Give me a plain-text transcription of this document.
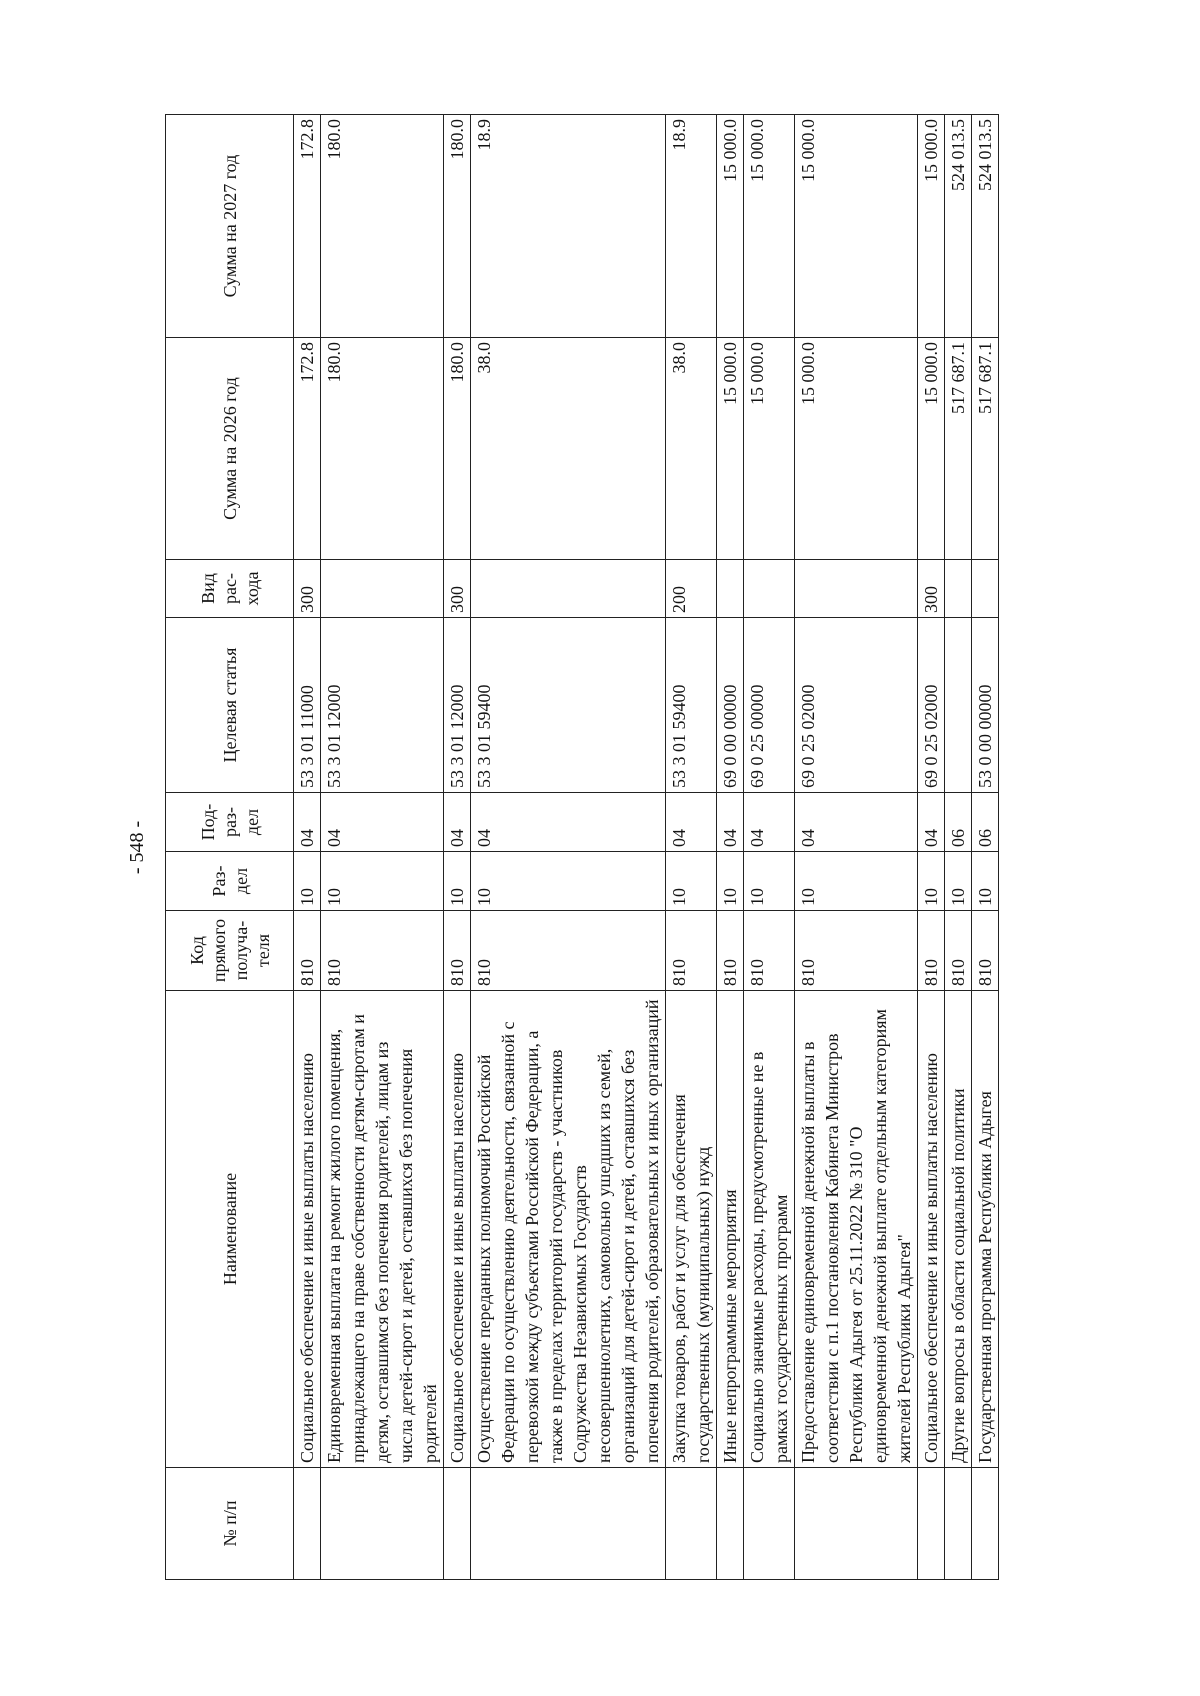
- 548 -
№ п/п	Наименование	Код прямого получа-теля	Раз-дел	Под-раз-дел	Целевая статья	Вид рас-хода	Сумма на 2026 год	Сумма на 2027 год
	Социальное обеспечение и иные выплаты населению	810	10	04	53 3 01 11000	300	172.8	172.8
	Единовременная выплата на ремонт жилого помещения, принадлежащего на праве собственности детям-сиротам и детям, оставшимся без попечения родителей, лицам из числа детей-сирот и детей, оставшихся без попечения родителей	810	10	04	53 3 01 12000		180.0	180.0
	Социальное обеспечение и иные выплаты населению	810	10	04	53 3 01 12000	300	180.0	180.0
	Осуществление переданных полномочий Российской Федерации по осуществлению деятельности, связанной с перевозкой между субъектами Российской Федерации, а также в пределах территорий государств - участников Содружества Независимых Государств несовершеннолетних, самовольно ушедших из семей, организаций для детей-сирот и детей, оставшихся без попечения родителей, образовательных и иных организаций	810	10	04	53 3 01 59400		38.0	18.9
	Закупка товаров, работ и услуг для обеспечения государственных (муниципальных) нужд	810	10	04	53 3 01 59400	200	38.0	18.9
	Иные непрограммные мероприятия	810	10	04	69 0 00 00000		15 000.0	15 000.0
	Социально значимые расходы, предусмотренные не в рамках государственных программ	810	10	04	69 0 25 00000		15 000.0	15 000.0
	Предоставление единовременной денежной выплаты в соответствии с п.1 постановления Кабинета Министров Республики Адыгея от 25.11.2022 № 310 "О единовременной денежной выплате отдельным категориям жителей Республики Адыгея"	810	10	04	69 0 25 02000		15 000.0	15 000.0
	Социальное обеспечение и иные выплаты населению	810	10	04	69 0 25 02000	300	15 000.0	15 000.0
	Другие вопросы в области социальной политики	810	10	06			517 687.1	524 013.5
	Государственная программа Республики Адыгея	810	10	06	53 0 00 00000		517 687.1	524 013.5
